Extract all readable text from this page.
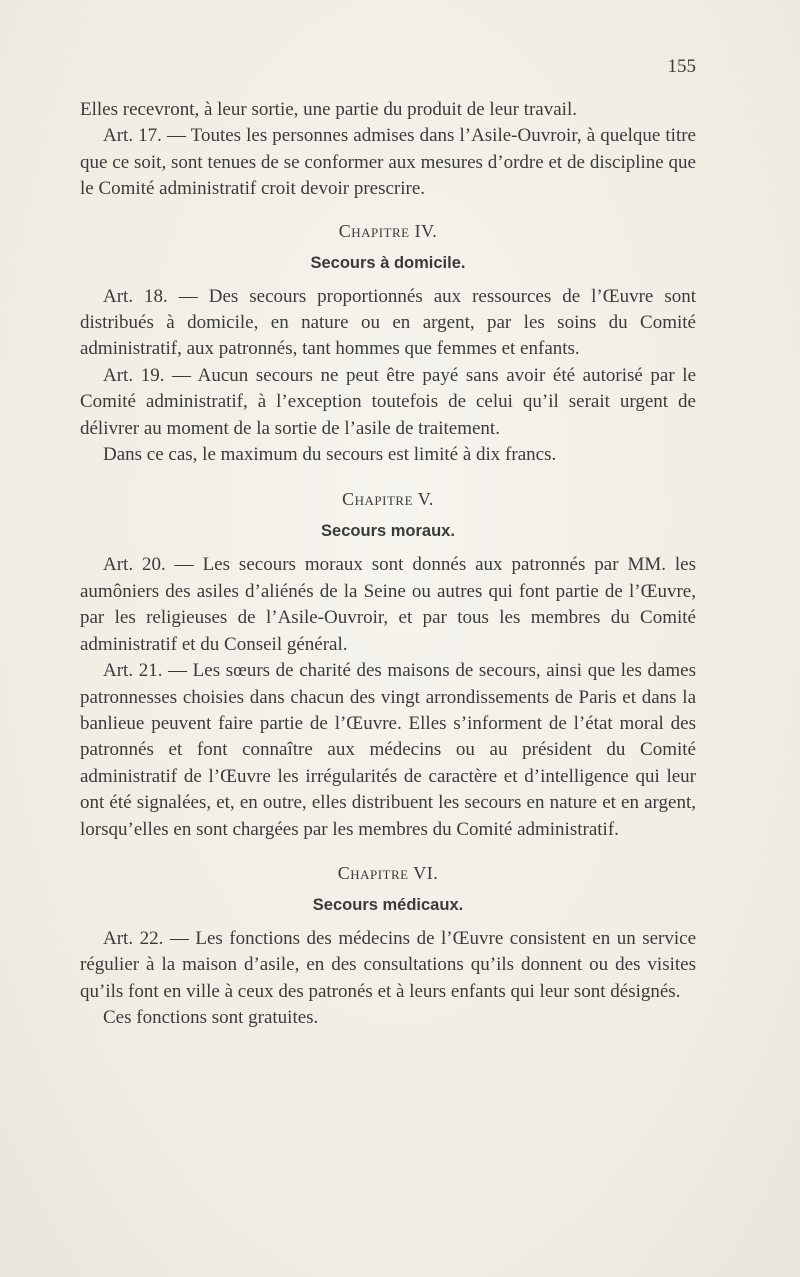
155

Elles recevront, à leur sortie, une partie du produit de leur travail.

Art. 17. — Toutes les personnes admises dans l’Asile-Ouvroir, à quelque titre que ce soit, sont tenues de se conformer aux mesures d’ordre et de discipline que le Comité administratif croit devoir prescrire.

Chapitre IV.
Secours à domicile.

Art. 18. — Des secours proportionnés aux ressources de l’Œuvre sont distribués à domicile, en nature ou en argent, par les soins du Comité administratif, aux patronnés, tant hommes que femmes et enfants.

Art. 19. — Aucun secours ne peut être payé sans avoir été autorisé par le Comité administratif, à l’exception toutefois de celui qu’il serait urgent de délivrer au moment de la sortie de l’asile de traitement.

Dans ce cas, le maximum du secours est limité à dix francs.

Chapitre V.
Secours moraux.

Art. 20. — Les secours moraux sont donnés aux patronnés par MM. les aumôniers des asiles d’aliénés de la Seine ou autres qui font partie de l’Œuvre, par les religieuses de l’Asile-Ouvroir, et par tous les membres du Comité administratif et du Conseil général.

Art. 21. — Les sœurs de charité des maisons de secours, ainsi que les dames patronnesses choisies dans chacun des vingt arrondissements de Paris et dans la banlieue peuvent faire partie de l’Œuvre. Elles s’informent de l’état moral des patronnés et font connaître aux médecins ou au président du Comité administratif de l’Œuvre les irrégularités de caractère et d’intelligence qui leur ont été signalées, et, en outre, elles distribuent les secours en nature et en argent, lorsqu’elles en sont chargées par les membres du Comité administratif.

Chapitre VI.
Secours médicaux.

Art. 22. — Les fonctions des médecins de l’Œuvre consistent en un service régulier à la maison d’asile, en des consultations qu’ils donnent ou des visites qu’ils font en ville à ceux des patronés et à leurs enfants qui leur sont désignés.

Ces fonctions sont gratuites.
